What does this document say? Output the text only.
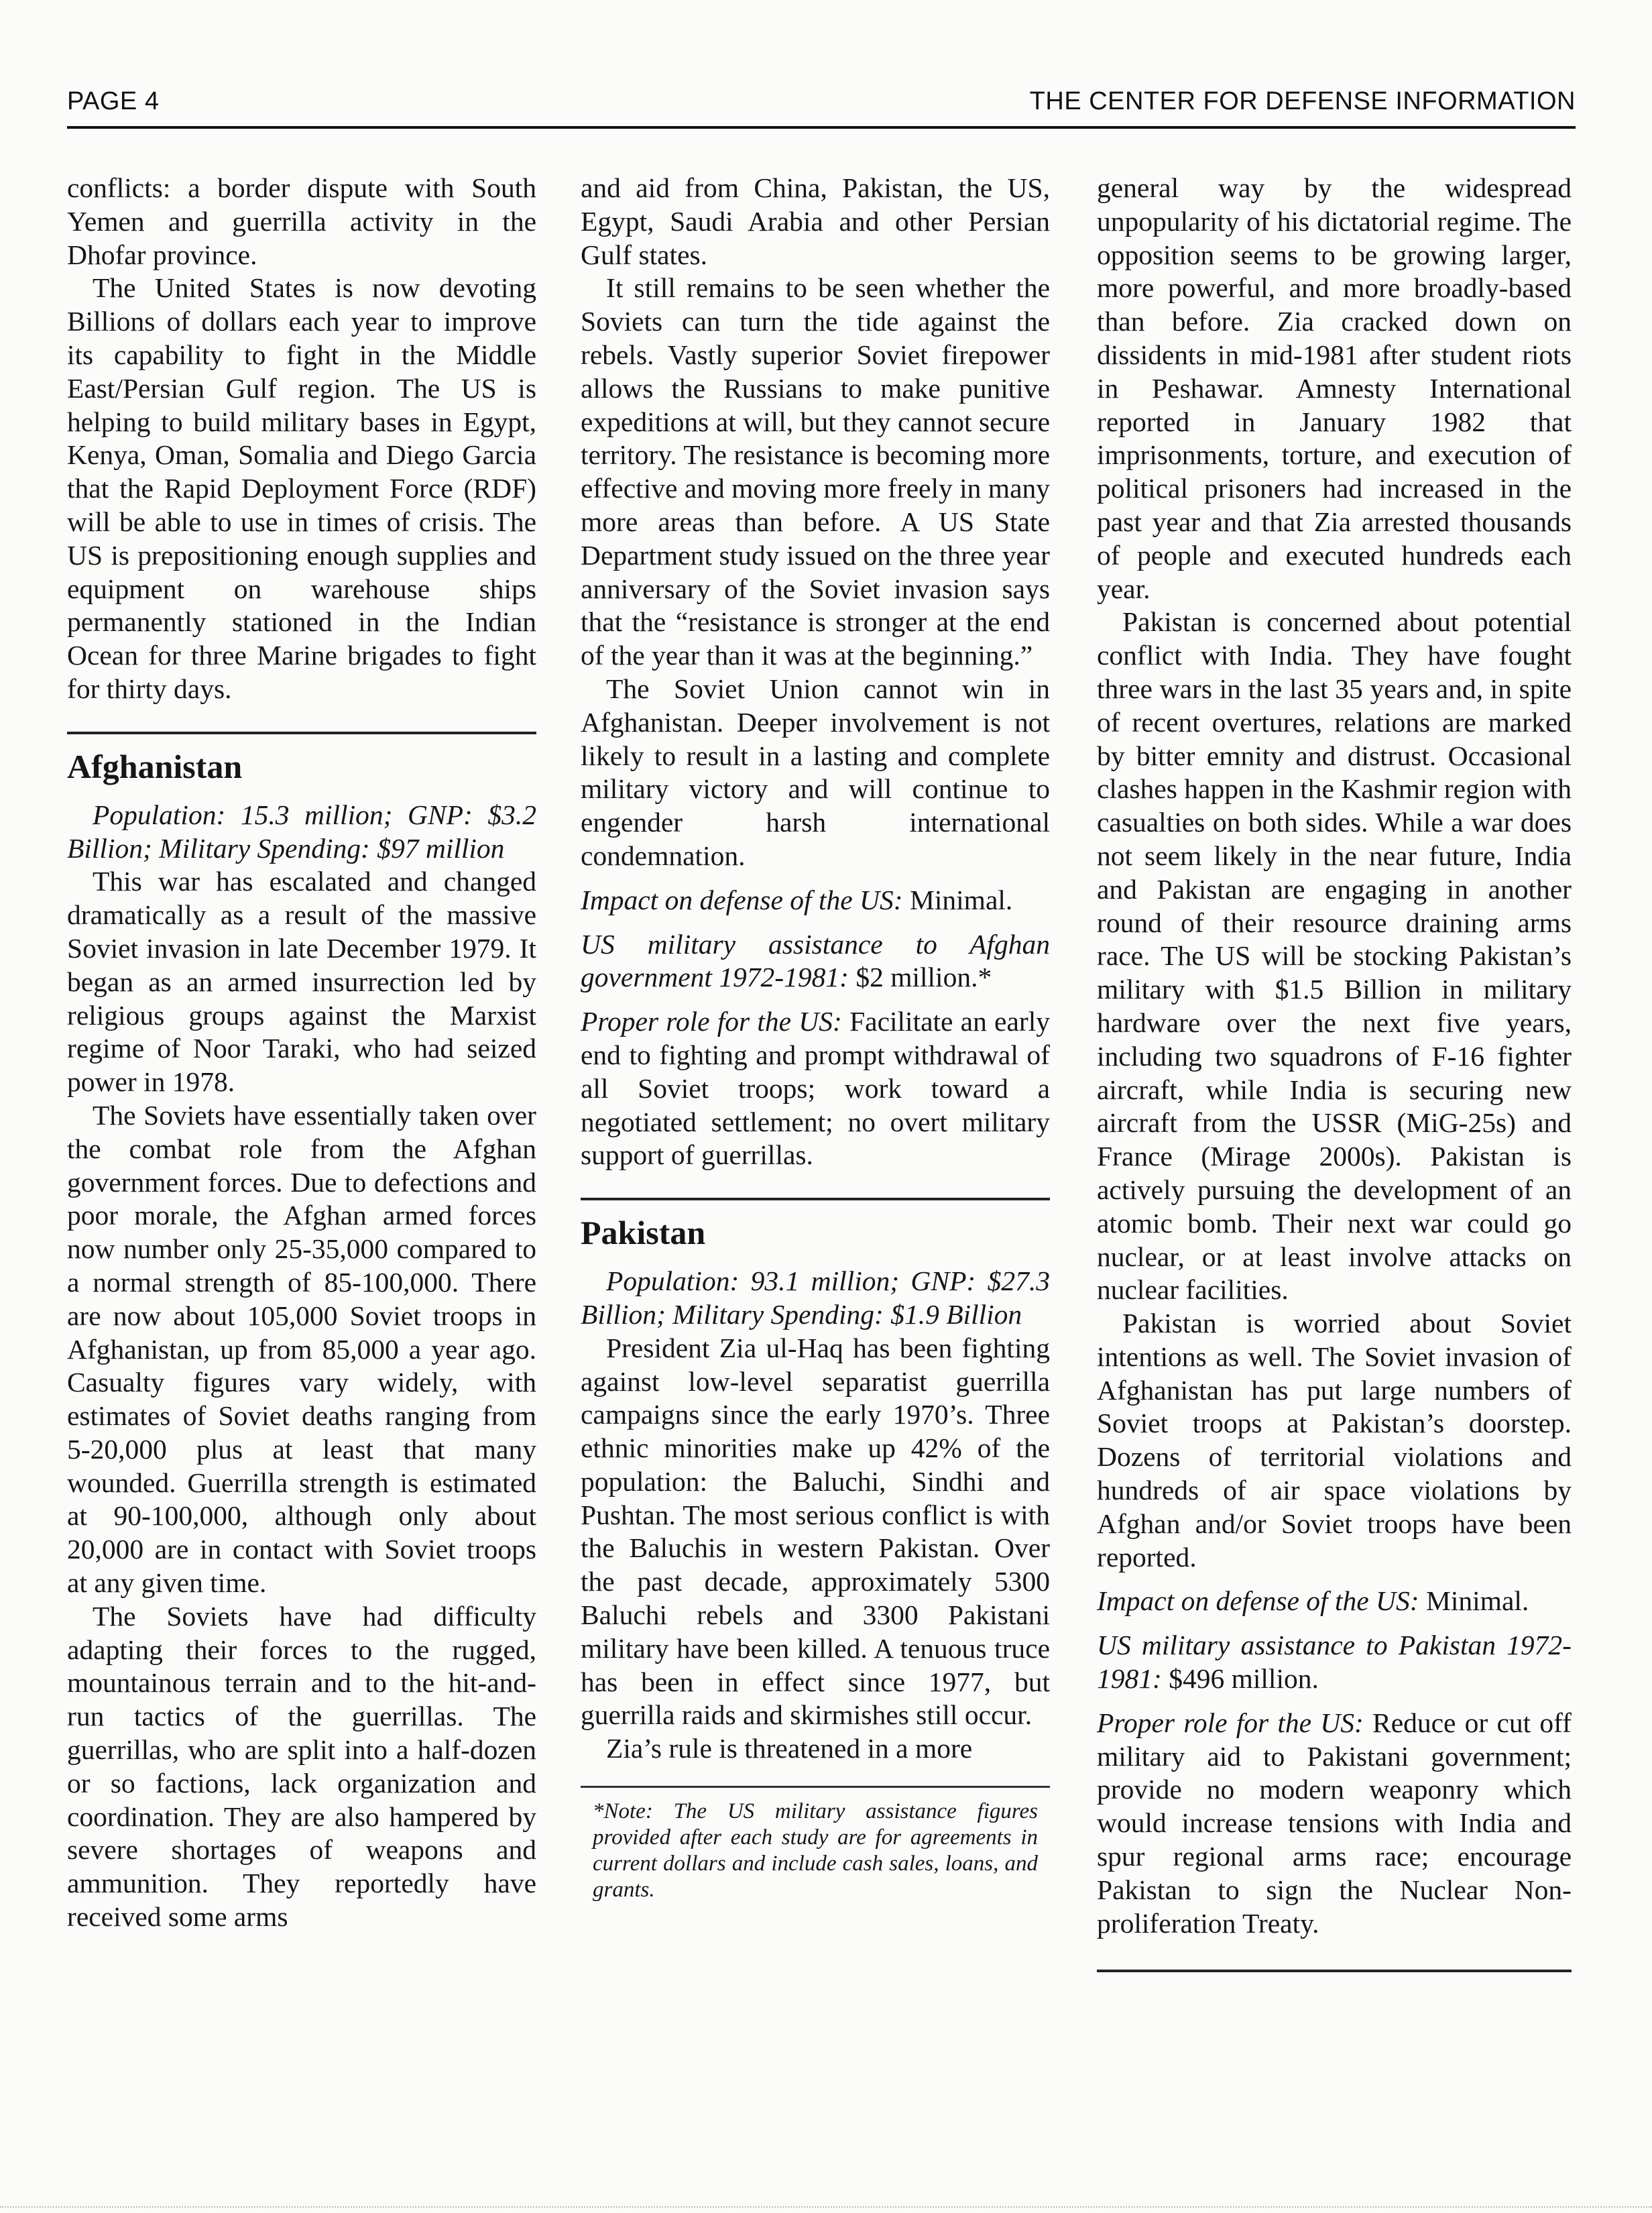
PAGE 4	THE CENTER FOR DEFENSE INFORMATION

conflicts: a border dispute with South Yemen and guerrilla activity in the Dhofar province.

The United States is now devoting Billions of dollars each year to improve its capability to fight in the Middle East/Persian Gulf region. The US is helping to build military bases in Egypt, Kenya, Oman, Somalia and Diego Garcia that the Rapid Deployment Force (RDF) will be able to use in times of crisis. The US is prepositioning enough supplies and equipment on warehouse ships permanently stationed in the Indian Ocean for three Marine brigades to fight for thirty days.

Afghanistan

Population: 15.3 million; GNP: $3.2 Billion; Military Spending: $97 million

This war has escalated and changed dramatically as a result of the massive Soviet invasion in late December 1979. It began as an armed insurrection led by religious groups against the Marxist regime of Noor Taraki, who had seized power in 1978.

The Soviets have essentially taken over the combat role from the Afghan government forces. Due to defections and poor morale, the Afghan armed forces now number only 25-35,000 compared to a normal strength of 85-100,000. There are now about 105,000 Soviet troops in Afghanistan, up from 85,000 a year ago. Casualty figures vary widely, with estimates of Soviet deaths ranging from 5-20,000 plus at least that many wounded. Guerrilla strength is estimated at 90-100,000, although only about 20,000 are in contact with Soviet troops at any given time.

The Soviets have had difficulty adapting their forces to the rugged, mountainous terrain and to the hit-and-run tactics of the guerrillas. The guerrillas, who are split into a half-dozen or so factions, lack organization and coordination. They are also hampered by severe shortages of weapons and ammunition. They reportedly have received some arms

and aid from China, Pakistan, the US, Egypt, Saudi Arabia and other Persian Gulf states.

It still remains to be seen whether the Soviets can turn the tide against the rebels. Vastly superior Soviet firepower allows the Russians to make punitive expeditions at will, but they cannot secure territory. The resistance is becoming more effective and moving more freely in many more areas than before. A US State Department study issued on the three year anniversary of the Soviet invasion says that the “resistance is stronger at the end of the year than it was at the beginning.”

The Soviet Union cannot win in Afghanistan. Deeper involvement is not likely to result in a lasting and complete military victory and will continue to engender harsh international condemnation.

Impact on defense of the US: Minimal.

US military assistance to Afghan government 1972-1981: $2 million.*

Proper role for the US: Facilitate an early end to fighting and prompt withdrawal of all Soviet troops; work toward a negotiated settlement; no overt military support of guerrillas.

Pakistan

Population: 93.1 million; GNP: $27.3 Billion; Military Spending: $1.9 Billion

President Zia ul-Haq has been fighting against low-level separatist guerrilla campaigns since the early 1970’s. Three ethnic minorities make up 42% of the population: the Baluchi, Sindhi and Pushtan. The most serious conflict is with the Baluchis in western Pakistan. Over the past decade, approximately 5300 Baluchi rebels and 3300 Pakistani military have been killed. A tenuous truce has been in effect since 1977, but guerrilla raids and skirmishes still occur.

Zia’s rule is threatened in a more

*Note: The US military assistance figures provided after each study are for agreements in current dollars and include cash sales, loans, and grants.

general way by the widespread unpopularity of his dictatorial regime. The opposition seems to be growing larger, more powerful, and more broadly-based than before. Zia cracked down on dissidents in mid-1981 after student riots in Peshawar. Amnesty International reported in January 1982 that imprisonments, torture, and execution of political prisoners had increased in the past year and that Zia arrested thousands of people and executed hundreds each year.

Pakistan is concerned about potential conflict with India. They have fought three wars in the last 35 years and, in spite of recent overtures, relations are marked by bitter emnity and distrust. Occasional clashes happen in the Kashmir region with casualties on both sides. While a war does not seem likely in the near future, India and Pakistan are engaging in another round of their resource draining arms race. The US will be stocking Pakistan’s military with $1.5 Billion in military hardware over the next five years, including two squadrons of F-16 fighter aircraft, while India is securing new aircraft from the USSR (MiG-25s) and France (Mirage 2000s). Pakistan is actively pursuing the development of an atomic bomb. Their next war could go nuclear, or at least involve attacks on nuclear facilities.

Pakistan is worried about Soviet intentions as well. The Soviet invasion of Afghanistan has put large numbers of Soviet troops at Pakistan’s doorstep. Dozens of territorial violations and hundreds of air space violations by Afghan and/or Soviet troops have been reported.

Impact on defense of the US: Minimal.

US military assistance to Pakistan 1972-1981: $496 million.

Proper role for the US: Reduce or cut off military aid to Pakistani government; provide no modern weaponry which would increase tensions with India and spur regional arms race; encourage Pakistan to sign the Nuclear Non-proliferation Treaty.
